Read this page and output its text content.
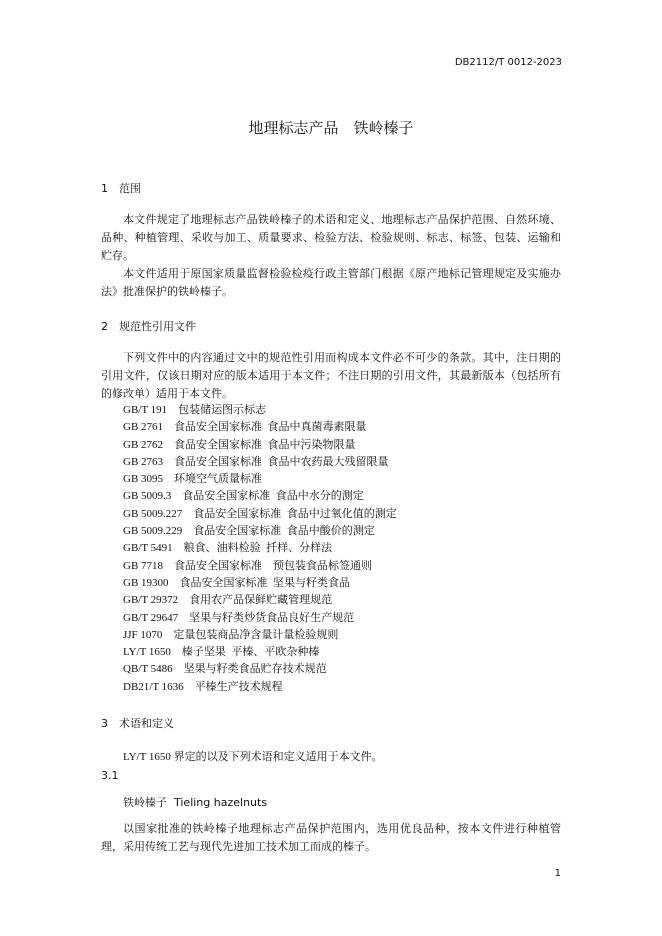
DB2112/T 0012-2023
地理标志产品　铁岭榛子
1　范围
本文件规定了地理标志产品铁岭榛子的术语和定义、地理标志产品保护范围、自然环境、品种、种植管理、采收与加工、质量要求、检验方法、检验规则、标志、标签、包装、运输和贮存。
本文件适用于原国家质量监督检验检疫行政主管部门根据《原产地标记管理规定及实施办法》批准保护的铁岭榛子。
2　规范性引用文件
下列文件中的内容通过文中的规范性引用而构成本文件必不可少的条款。其中，注日期的引用文件，仅该日期对应的版本适用于本文件；不注日期的引用文件，其最新版本（包括所有的修改单）适用于本文件。
GB/T 191　包装储运图示标志
GB 2761　食品安全国家标准  食品中真菌毒素限量
GB 2762　食品安全国家标准  食品中污染物限量
GB 2763　食品安全国家标准  食品中农药最大残留限量
GB 3095　环境空气质量标准
GB 5009.3　食品安全国家标准  食品中水分的测定
GB 5009.227　食品安全国家标准  食品中过氧化值的测定
GB 5009.229　食品安全国家标准  食品中酸价的测定
GB/T 5491　粮食、油料检验  扦样、分样法
GB 7718　食品安全国家标准　预包装食品标签通则
GB 19300　食品安全国家标准  坚果与籽类食品
GB/T 29372　食用农产品保鲜贮藏管理规范
GB/T 29647　坚果与籽类炒货食品良好生产规范
JJF 1070　定量包装商品净含量计量检验规则
LY/T 1650　榛子坚果  平榛、平欧杂种榛
QB/T 5486　坚果与籽类食品贮存技术规范
DB21/T 1636　平榛生产技术规程
3　术语和定义
LY/T 1650 界定的以及下列术语和定义适用于本文件。
3.1
铁岭榛子  Tieling hazelnuts
以国家批准的铁岭榛子地理标志产品保护范围内，选用优良品种，按本文件进行种植管理，采用传统工艺与现代先进加工技术加工而成的榛子。
1
